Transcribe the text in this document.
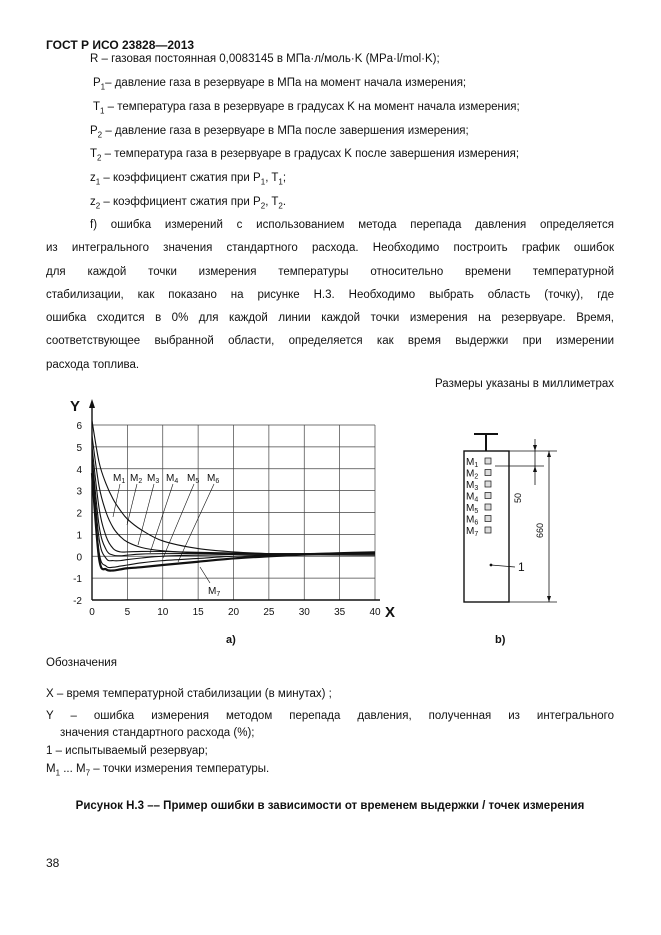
ГОСТ Р ИСО 23828—2013
R – газовая постоянная 0,0083145 в МПа·л/моль·K (MPa·l/mol·K);
$P_1-$ давление газа в резервуаре в МПа на момент начала измерения;
$T_1$ – температура газа в резервуаре в градусах K на момент начала измерения;
$P_2$ – давление газа в резервуаре в МПа после завершения измерения;
$T_2$ – температура газа в резервуаре в градусах K после завершения измерения;
$z_1$ – коэффициент сжатия при $P_1$, $T_1$;
$z_2$ – коэффициент сжатия при $P_2$, $T_2$.
f) ошибка измерений с использованием метода перепада давления определяется
из интегрального значения стандартного расхода. Необходимо построить график ошибок
для каждой точки измерения температуры относительно времени температурной
стабилизации, как показано на рисунке Н.3. Необходимо выбрать область (точку), где
ошибка сходится в 0% для каждой линии каждой точки измерения на резервуаре. Время,
соответствующее выбранной области, определяется как время выдержки при измерении
расхода топлива.
Размеры указаны в миллиметрах
6
5
4
3
2
1
0
-1
-2
0	5	10 15 20 25 30 35 40
$M_1$ $M_2$ $M_3$ $M_4$ $M_5$ $M_6$
$M_7$
Y
X
a)
$M_1$
$M_2$
$M_3$
$M_4$
$M_5$
$M_6$
$M_7$
50
660
1
b)
Обозначения
X – время температурной стабилизации (в минутах) ;
Y – ошибка измерения методом перепада давления, полученная из интегрального
значения стандартного расхода (%);
1 – испытываемый резервуар;
$M_1$ ... $M_7$ – точки измерения температуры.
Рисунок Н.3 –– Пример ошибки в зависимости от временем выдержки / точек измерения
38
